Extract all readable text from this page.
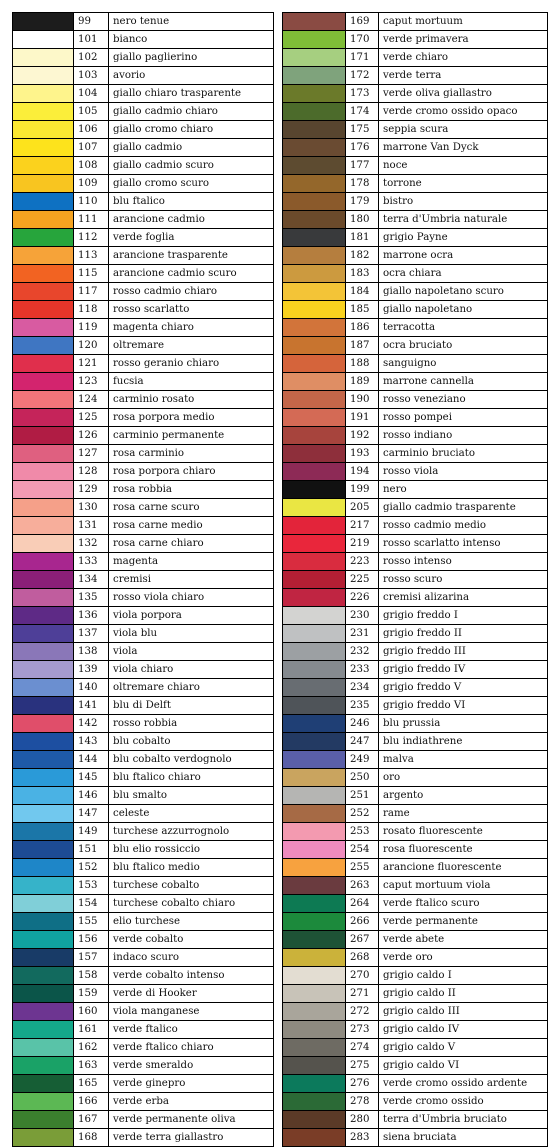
	99	nero tenue
	101	bianco
	102	giallo paglierino
	103	avorio
	104	giallo chiaro trasparente
	105	giallo cadmio chiaro
	106	giallo cromo chiaro
	107	giallo cadmio
	108	giallo cadmio scuro
	109	giallo cromo scuro
	110	blu ftalico
	111	arancione cadmio
	112	verde foglia
	113	arancione trasparente
	115	arancione cadmio scuro
	117	rosso cadmio chiaro
	118	rosso scarlatto
	119	magenta chiaro
	120	oltremare
	121	rosso geranio chiaro
	123	fucsia
	124	carminio rosato
	125	rosa porpora medio
	126	carminio permanente
	127	rosa carminio
	128	rosa porpora chiaro
	129	rosa robbia
	130	rosa carne scuro
	131	rosa carne medio
	132	rosa carne chiaro
	133	magenta
	134	cremisi
	135	rosso viola chiaro
	136	viola porpora
	137	viola blu
	138	viola
	139	viola chiaro
	140	oltremare chiaro
	141	blu di Delft
	142	rosso robbia
	143	blu cobalto
	144	blu cobalto verdognolo
	145	blu ftalico chiaro
	146	blu smalto
	147	celeste
	149	turchese azzurrognolo
	151	blu elio rossiccio
	152	blu ftalico medio
	153	turchese cobalto
	154	turchese cobalto chiaro
	155	elio turchese
	156	verde cobalto
	157	indaco scuro
	158	verde cobalto intenso
	159	verde di Hooker
	160	viola manganese
	161	verde ftalico
	162	verde ftalico chiaro
	163	verde smeraldo
	165	verde ginepro
	166	verde erba
	167	verde permanente oliva
	168	verde terra giallastro
	169	caput mortuum
	170	verde primavera
	171	verde chiaro
	172	verde terra
	173	verde oliva giallastro
	174	verde cromo ossido opaco
	175	seppia scura
	176	marrone Van Dyck
	177	noce
	178	torrone
	179	bistro
	180	terra d'Umbria naturale
	181	grigio Payne
	182	marrone ocra
	183	ocra chiara
	184	giallo napoletano scuro
	185	giallo napoletano
	186	terracotta
	187	ocra bruciato
	188	sanguigno
	189	marrone cannella
	190	rosso veneziano
	191	rosso pompei
	192	rosso indiano
	193	carminio bruciato
	194	rosso viola
	199	nero
	205	giallo cadmio trasparente
	217	rosso cadmio medio
	219	rosso scarlatto intenso
	223	rosso intenso
	225	rosso scuro
	226	cremisi alizarina
	230	grigio freddo I
	231	grigio freddo II
	232	grigio freddo III
	233	grigio freddo IV
	234	grigio freddo V
	235	grigio freddo VI
	246	blu prussia
	247	blu indiathrene
	249	malva
	250	oro
	251	argento
	252	rame
	253	rosato fluorescente
	254	rosa fluorescente
	255	arancione fluorescente
	263	caput mortuum viola
	264	verde ftalico scuro
	266	verde permanente
	267	verde abete
	268	verde oro
	270	grigio caldo I
	271	grigio caldo II
	272	grigio caldo III
	273	grigio caldo IV
	274	grigio caldo V
	275	grigio caldo VI
	276	verde cromo ossido ardente
	278	verde cromo ossido
	280	terra d'Umbria bruciato
	283	siena bruciata
